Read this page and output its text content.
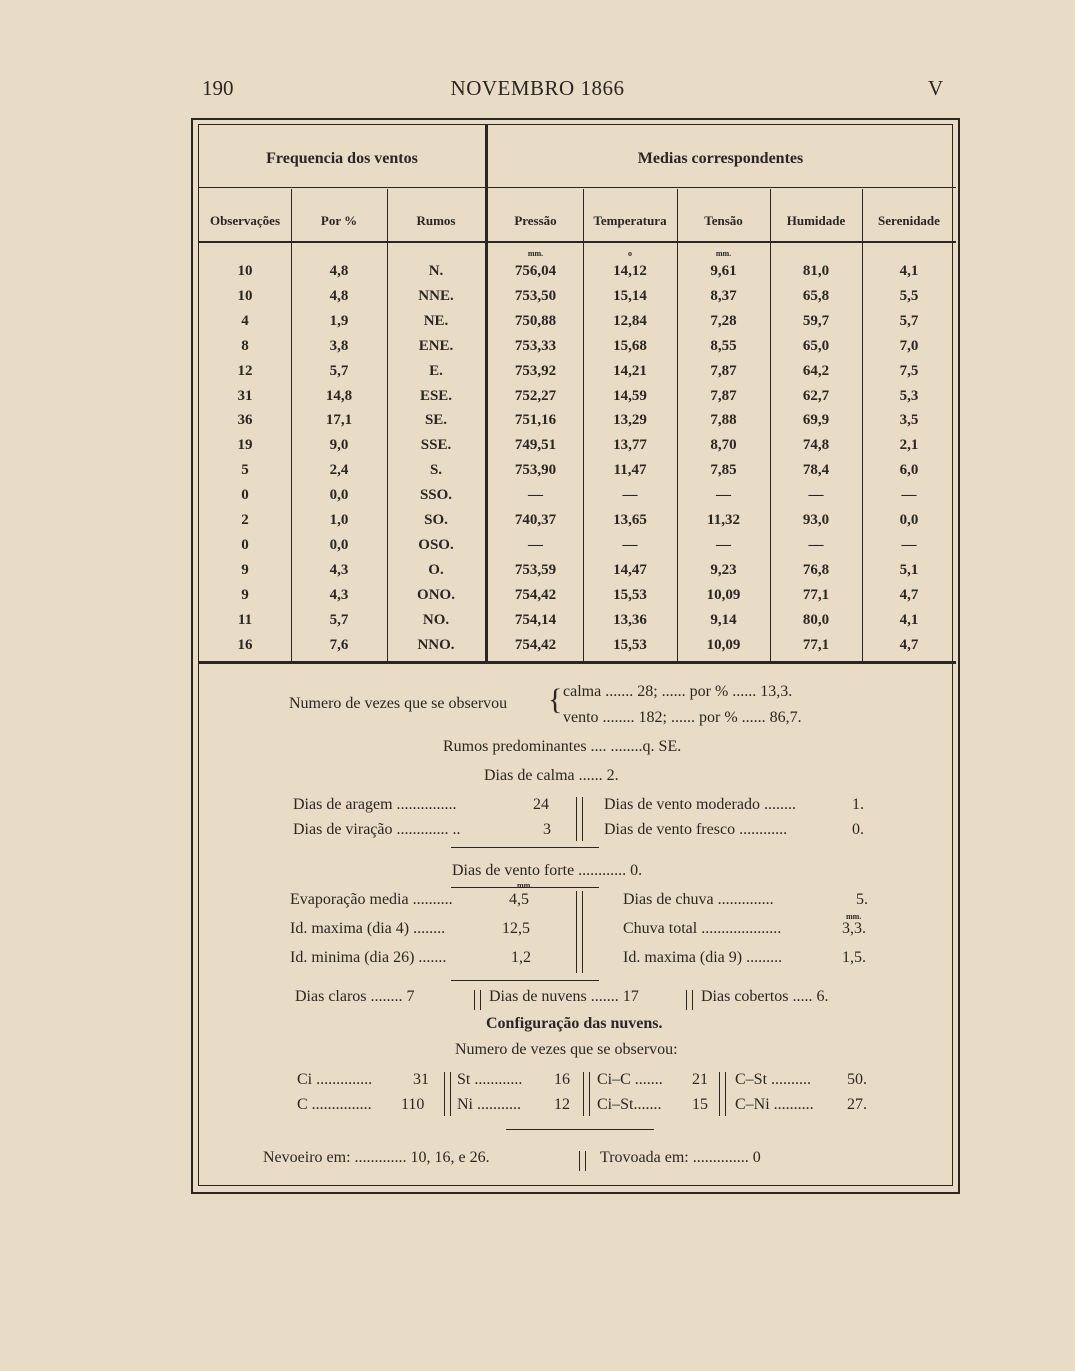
190	NOVEMBRO 1866	V
Frequencia dos ventos	Medias correspondentes
Observações	Por %	Rumos	Pressão	Temperatura	Tensão	Humidade	Serenidade
mm.	o	mm.
10	4,8	N.	756,04	14,12	9,61	81,0	4,1
10	4,8	NNE.	753,50	15,14	8,37	65,8	5,5
4	1,9	NE.	750,88	12,84	7,28	59,7	5,7
8	3,8	ENE.	753,33	15,68	8,55	65,0	7,0
12	5,7	E.	753,92	14,21	7,87	64,2	7,5
31	14,8	ESE.	752,27	14,59	7,87	62,7	5,3
36	17,1	SE.	751,16	13,29	7,88	69,9	3,5
19	9,0	SSE.	749,51	13,77	8,70	74,8	2,1
5	2,4	S.	753,90	11,47	7,85	78,4	6,0
0	0,0	SSO.	—	—	—	—	—
2	1,0	SO.	740,37	13,65	11,32	93,0	0,0
0	0,0	OSO.	—	—	—	—	—
9	4,3	O.	753,59	14,47	9,23	76,8	5,1
9	4,3	ONO.	754,42	15,53	10,09	77,1	4,7
11	5,7	NO.	754,14	13,36	9,14	80,0	4,1
16	7,6	NNO.	754,42	15,53	10,09	77,1	4,7
Numero de vezes que se observou { calma ....... 28; ...... por % ...... 13,3.
vento ........ 182; ...... por % ...... 86,7.
Rumos predominantes .... ........q. SE.
Dias de calma ...... 2.
Dias de aragem ...............	24
Dias de viração ............. ..	3
Dias de vento moderado ........	1.
Dias de vento fresco ............	0.
Dias de vento forte ............ 0.
mm.
Evaporação media ..........	4,5
Id. maxima (dia 4) ........	12,5
Id. minima (dia 26) .......	1,2
Dias de chuva ..............	5.
mm.
Chuva total ....................	3,3.
Id. maxima (dia 9) .........	1,5.
Dias claros ........ 7	Dias de nuvens ....... 17	Dias cobertos ..... 6.
Configuração das nuvens.
Numero de vezes que se observou:
Ci ..............	31
C ............... 110
St ............ 16
Ni ........... 12
Ci–C ....... 21
Ci–St....... 15
C–St .......... 50.
C–Ni .......... 27.
Nevoeiro em: ............. 10, 16, e 26.	Trovoada em: .............. 0
